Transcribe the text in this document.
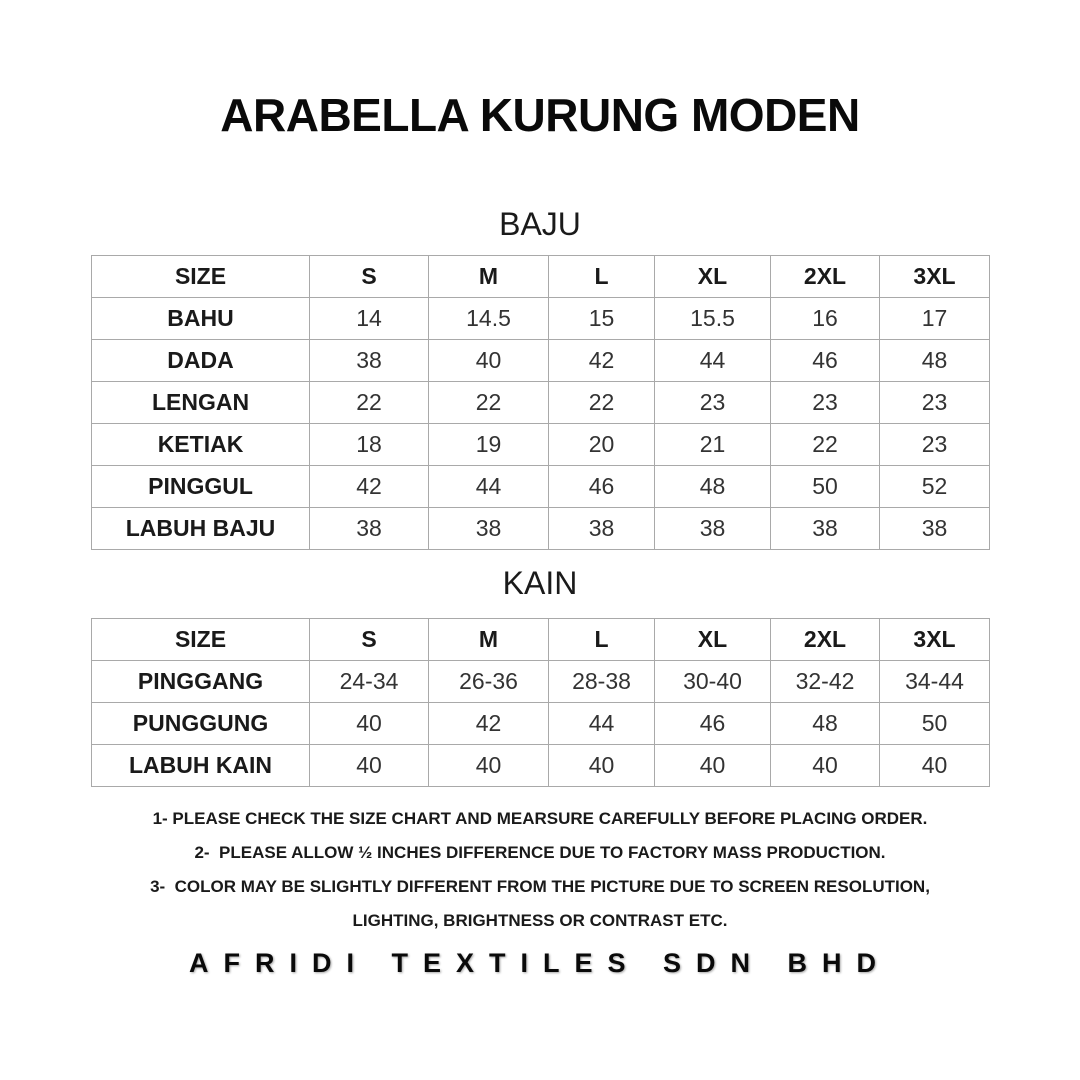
ARABELLA KURUNG MODEN
BAJU
SIZE	S	M	L	XL	2XL	3XL
BAHU	14	14.5	15	15.5	16	17
DADA	38	40	42	44	46	48
LENGAN	22	22	22	23	23	23
KETIAK	18	19	20	21	22	23
PINGGUL	42	44	46	48	50	52
LABUH BAJU	38	38	38	38	38	38
KAIN
SIZE	S	M	L	XL	2XL	3XL
PINGGANG	24-34	26-36	28-38	30-40	32-42	34-44
PUNGGUNG	40	42	44	46	48	50
LABUH KAIN	40	40	40	40	40	40
1- PLEASE CHECK THE SIZE CHART AND MEARSURE CAREFULLY BEFORE PLACING ORDER.
2-  PLEASE ALLOW ½ INCHES DIFFERENCE DUE TO FACTORY MASS PRODUCTION.
3-  COLOR MAY BE SLIGHTLY DIFFERENT FROM THE PICTURE DUE TO SCREEN RESOLUTION,
LIGHTING, BRIGHTNESS OR CONTRAST ETC.
AFRIDI TEXTILES SDN BHD
